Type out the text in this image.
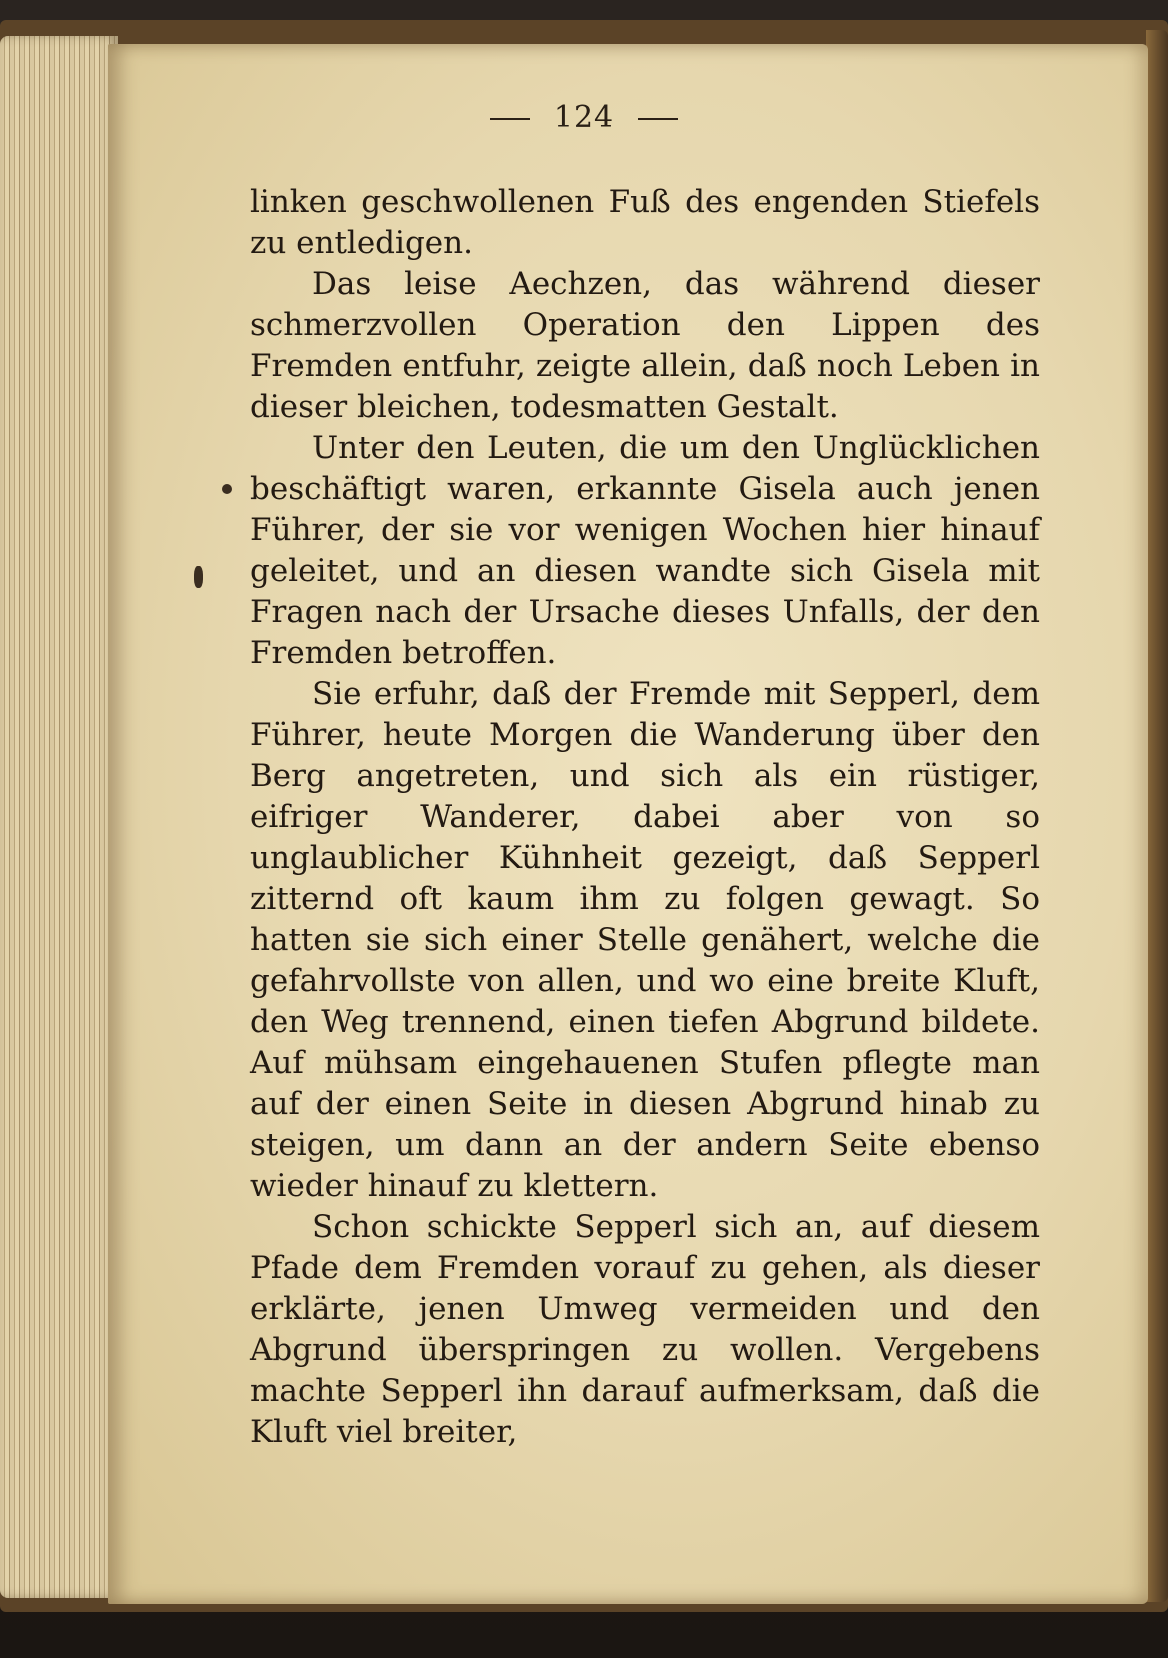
124

linken geschwollenen Fuß des engenden Stiefels zu entledigen.

Das leise Aechzen, das während dieser schmerzvollen Operation den Lippen des Fremden entfuhr, zeigte allein, daß noch Leben in dieser bleichen, todesmatten Gestalt.

Unter den Leuten, die um den Unglücklichen beschäftigt waren, erkannte Gisela auch jenen Führer, der sie vor wenigen Wochen hier hinauf geleitet, und an diesen wandte sich Gisela mit Fragen nach der Ursache dieses Unfalls, der den Fremden betroffen.

Sie erfuhr, daß der Fremde mit Sepperl, dem Führer, heute Morgen die Wanderung über den Berg angetreten, und sich als ein rüstiger, eifriger Wanderer, dabei aber von so unglaublicher Kühnheit gezeigt, daß Sepperl zitternd oft kaum ihm zu folgen gewagt. So hatten sie sich einer Stelle genähert, welche die gefahrvollste von allen, und wo eine breite Kluft, den Weg trennend, einen tiefen Abgrund bildete. Auf mühsam eingehauenen Stufen pflegte man auf der einen Seite in diesen Abgrund hinab zu steigen, um dann an der andern Seite ebenso wieder hinauf zu klettern.

Schon schickte Sepperl sich an, auf diesem Pfade dem Fremden vorauf zu gehen, als dieser erklärte, jenen Umweg vermeiden und den Abgrund überspringen zu wollen. Vergebens machte Sepperl ihn darauf aufmerksam, daß die Kluft viel breiter,
